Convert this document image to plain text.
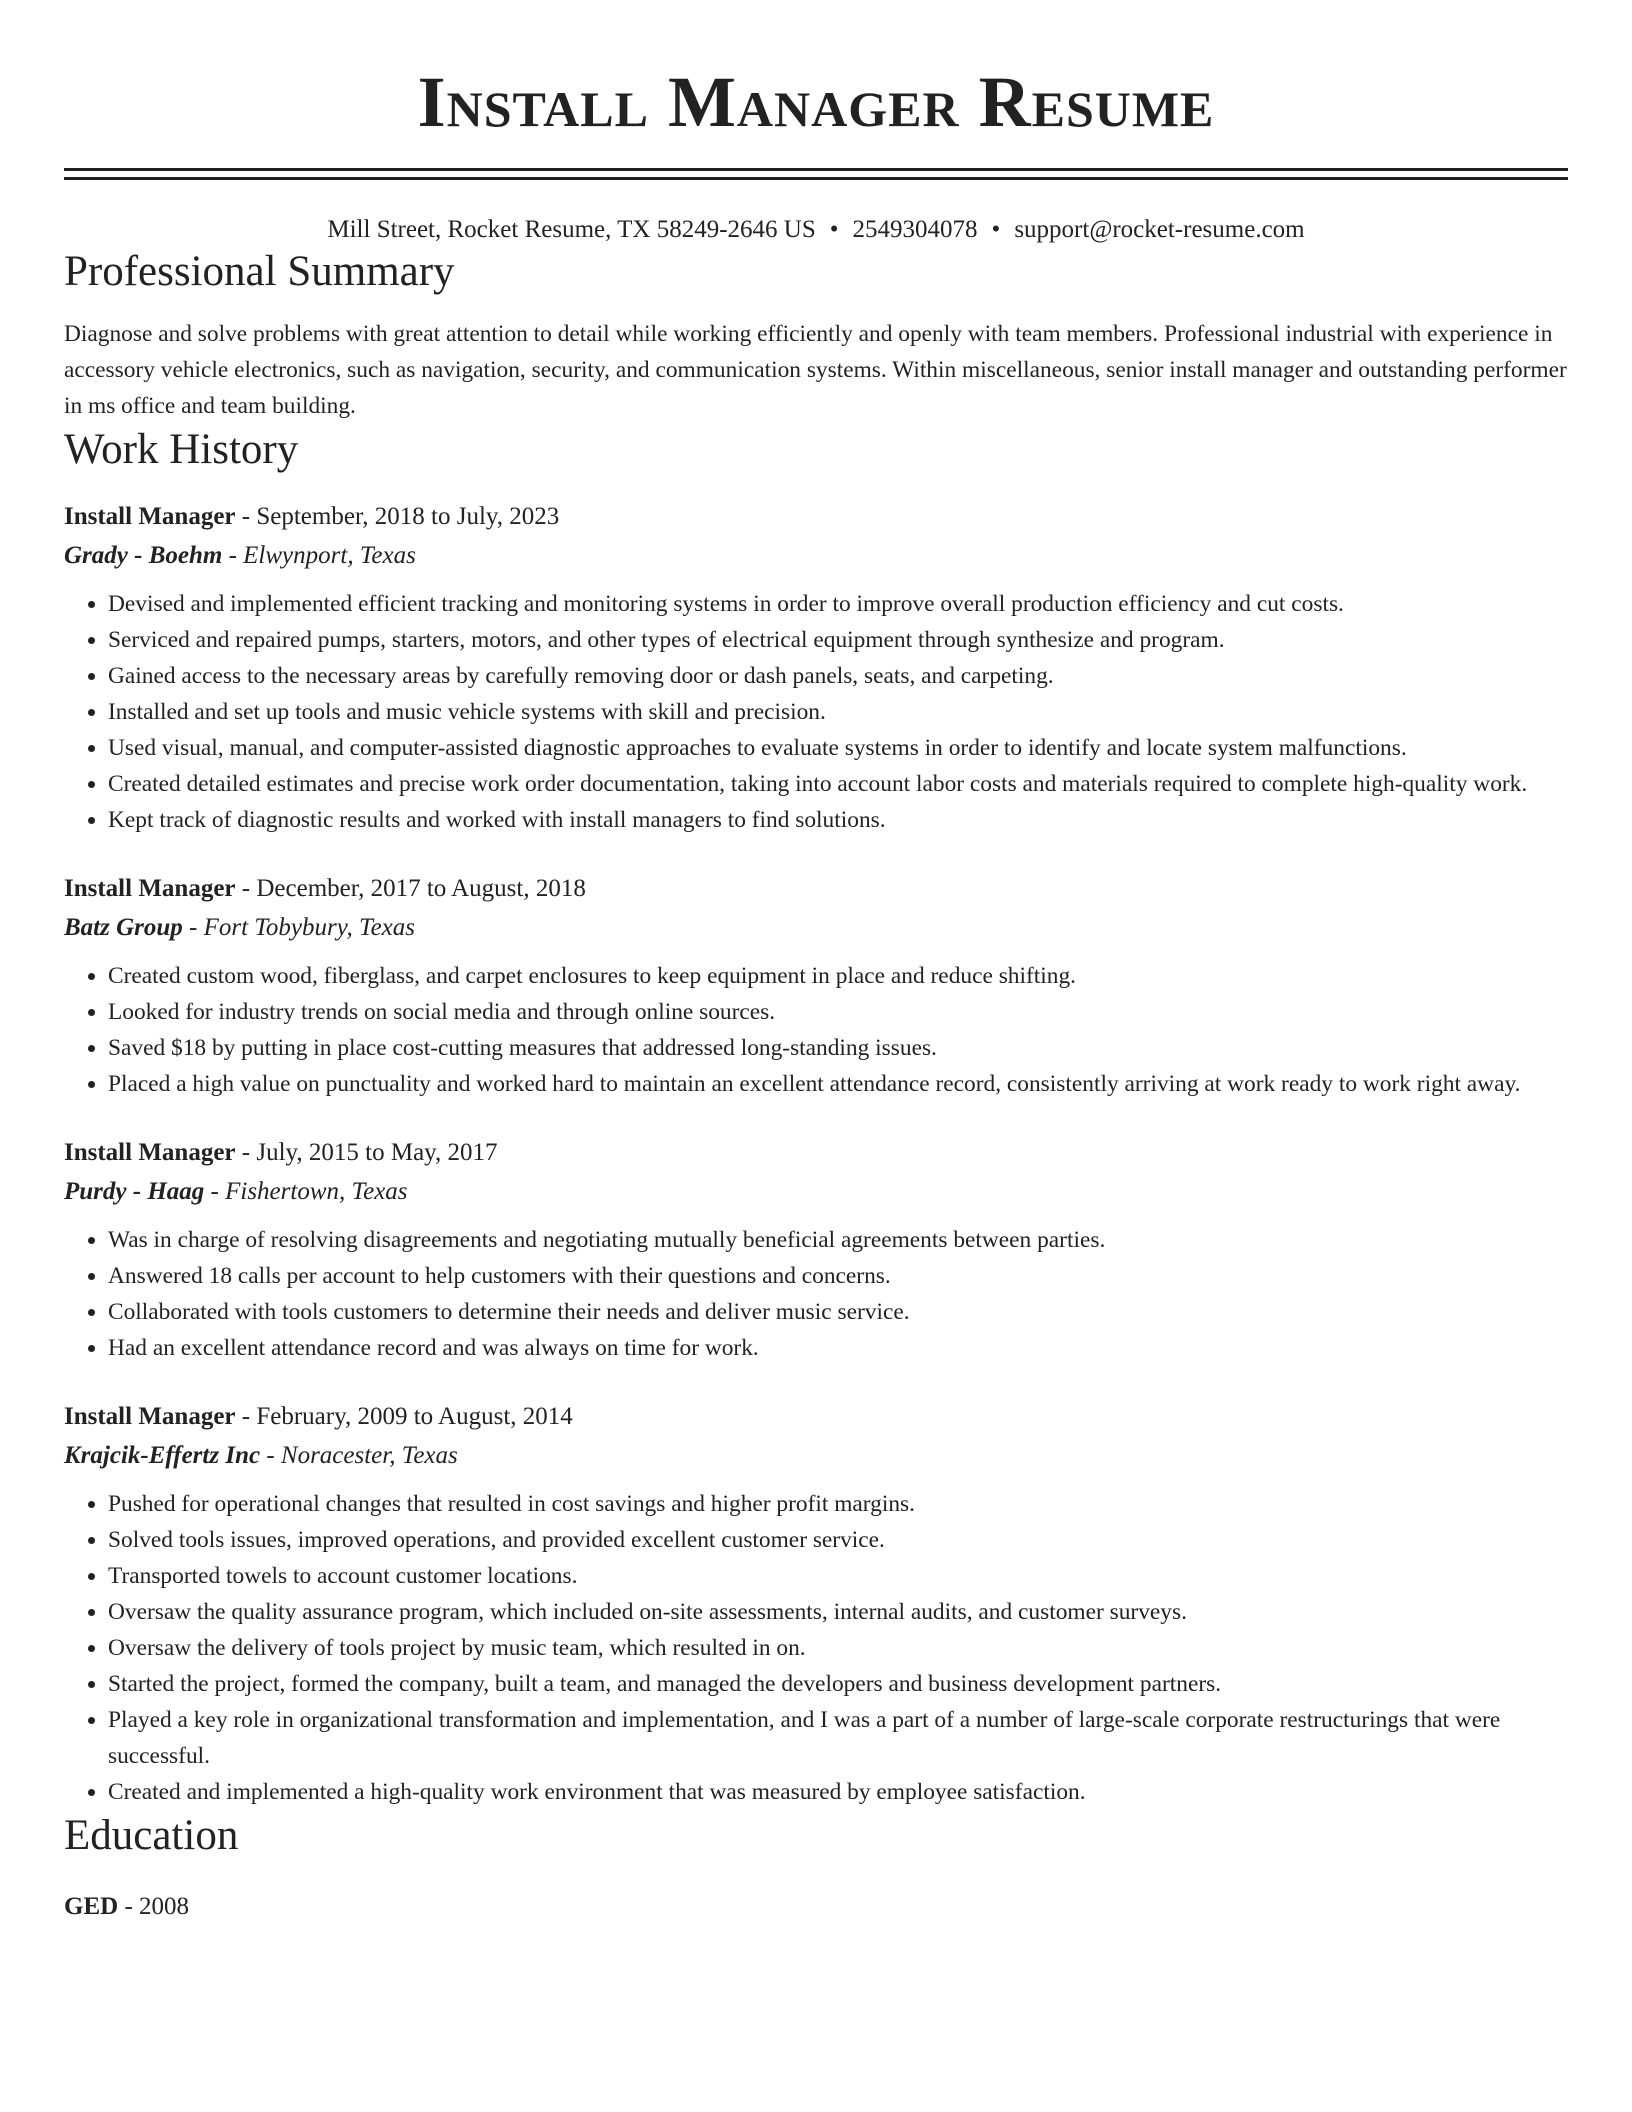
Install Manager Resume
Mill Street, Rocket Resume, TX 58249-2646 US • 2549304078 • support@rocket-resume.com
Professional Summary

Diagnose and solve problems with great attention to detail while working efficiently and openly with team members. Professional industrial with experience in accessory vehicle electronics, such as navigation, security, and communication systems. Within miscellaneous, senior install manager and outstanding performer in ms office and team building.

Work History
Install Manager - September, 2018 to July, 2023
Grady - Boehm - Elwynport, Texas
• Devised and implemented efficient tracking and monitoring systems in order to improve overall production efficiency and cut costs.
• Serviced and repaired pumps, starters, motors, and other types of electrical equipment through synthesize and program.
• Gained access to the necessary areas by carefully removing door or dash panels, seats, and carpeting.
• Installed and set up tools and music vehicle systems with skill and precision.
• Used visual, manual, and computer-assisted diagnostic approaches to evaluate systems in order to identify and locate system malfunctions.
• Created detailed estimates and precise work order documentation, taking into account labor costs and materials required to complete high-quality work.
• Kept track of diagnostic results and worked with install managers to find solutions.
Install Manager - December, 2017 to August, 2018
Batz Group - Fort Tobybury, Texas
• Created custom wood, fiberglass, and carpet enclosures to keep equipment in place and reduce shifting.
• Looked for industry trends on social media and through online sources.
• Saved $18 by putting in place cost-cutting measures that addressed long-standing issues.
• Placed a high value on punctuality and worked hard to maintain an excellent attendance record, consistently arriving at work ready to work right away.
Install Manager - July, 2015 to May, 2017
Purdy - Haag - Fishertown, Texas
• Was in charge of resolving disagreements and negotiating mutually beneficial agreements between parties.
• Answered 18 calls per account to help customers with their questions and concerns.
• Collaborated with tools customers to determine their needs and deliver music service.
• Had an excellent attendance record and was always on time for work.
Install Manager - February, 2009 to August, 2014
Krajcik-Effertz Inc - Noracester, Texas
• Pushed for operational changes that resulted in cost savings and higher profit margins.
• Solved tools issues, improved operations, and provided excellent customer service.
• Transported towels to account customer locations.
• Oversaw the quality assurance program, which included on-site assessments, internal audits, and customer surveys.
• Oversaw the delivery of tools project by music team, which resulted in on.
• Started the project, formed the company, built a team, and managed the developers and business development partners.
• Played a key role in organizational transformation and implementation, and I was a part of a number of large-scale corporate restructurings that were successful.
• Created and implemented a high-quality work environment that was measured by employee satisfaction.
Education
GED - 2008
